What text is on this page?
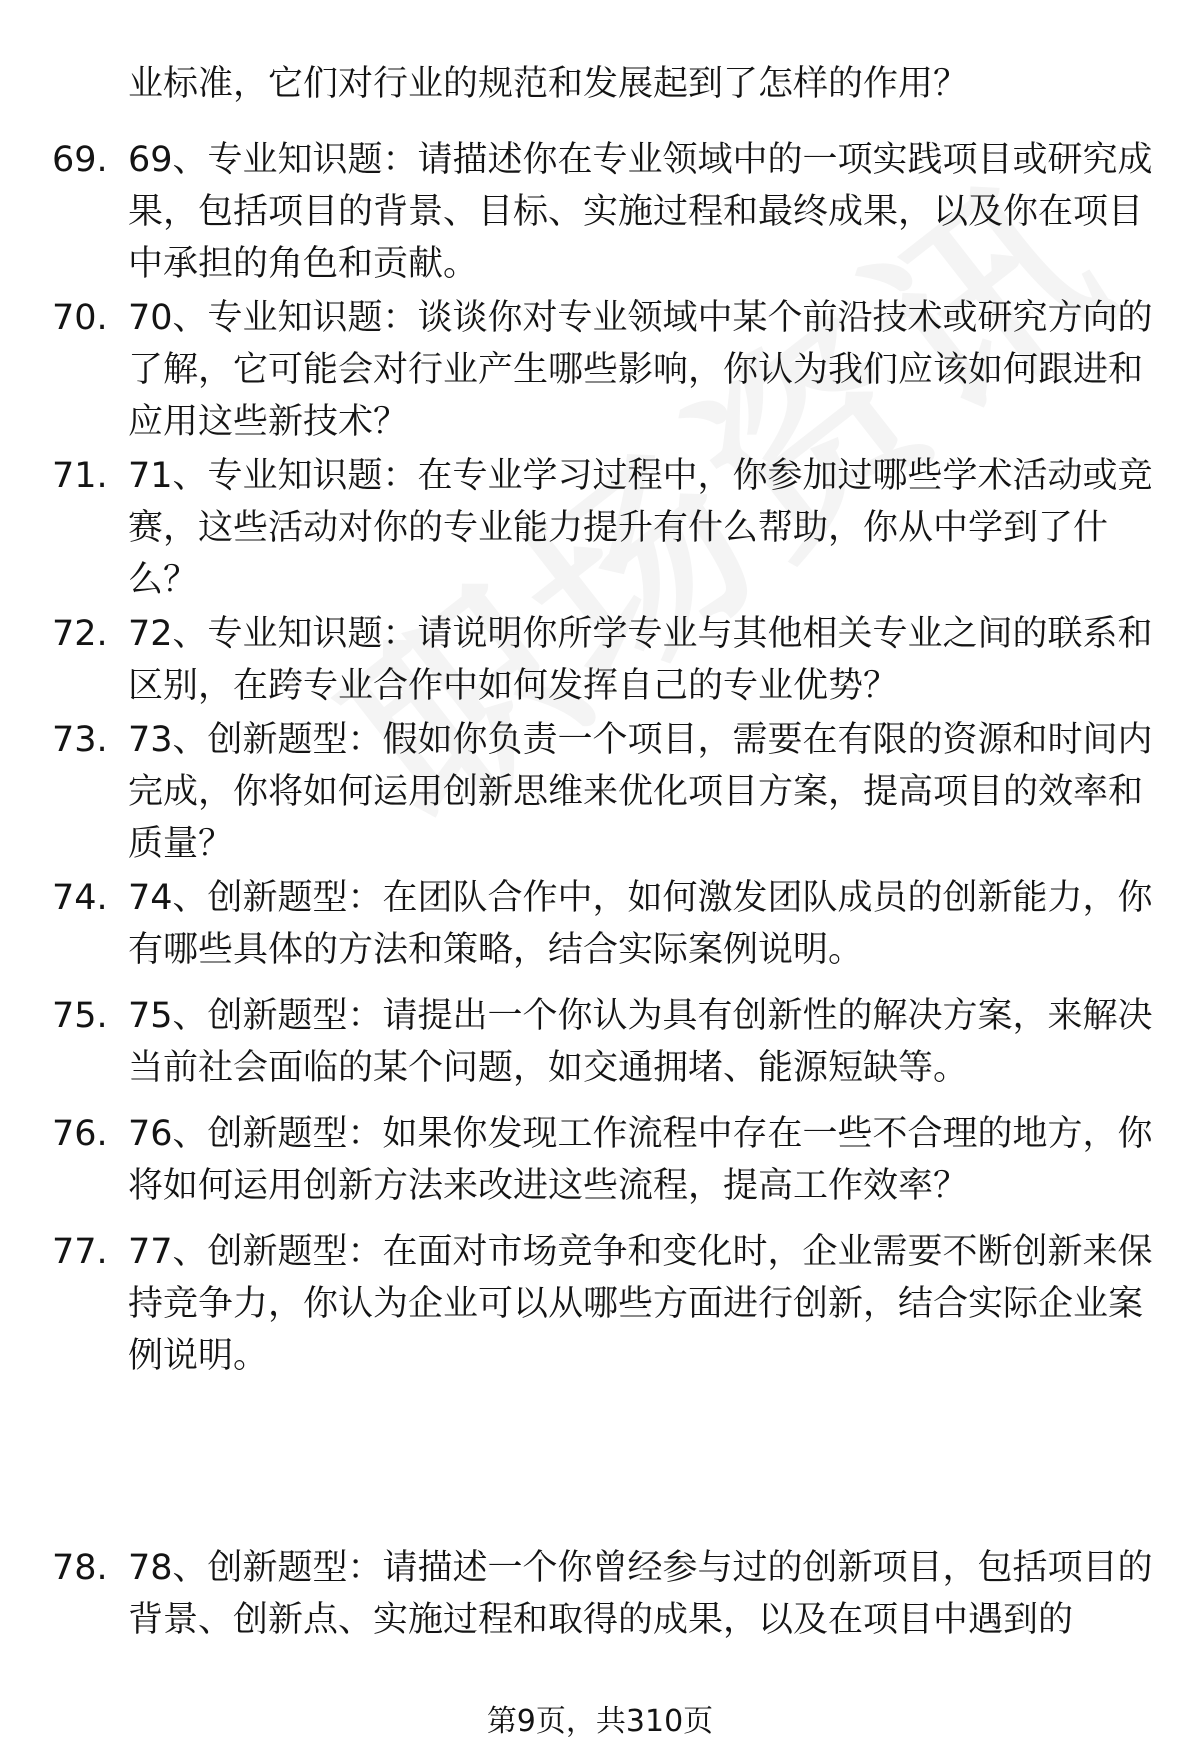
业标准，它们对行业的规范和发展起到了怎样的作用？
69. 69、专业知识题：请描述你在专业领域中的一项实践项目或研究成果，包括项目的背景、目标、实施过程和最终成果，以及你在项目中承担的角色和贡献。
70. 70、专业知识题：谈谈你对专业领域中某个前沿技术或研究方向的了解，它可能会对行业产生哪些影响，你认为我们应该如何跟进和应用这些新技术？
71. 71、专业知识题：在专业学习过程中，你参加过哪些学术活动或竞赛，这些活动对你的专业能力提升有什么帮助，你从中学到了什么？
72. 72、专业知识题：请说明你所学专业与其他相关专业之间的联系和区别，在跨专业合作中如何发挥自己的专业优势？
73. 73、创新题型：假如你负责一个项目，需要在有限的资源和时间内完成，你将如何运用创新思维来优化项目方案，提高项目的效率和质量？
74. 74、创新题型：在团队合作中，如何激发团队成员的创新能力，你有哪些具体的方法和策略，结合实际案例说明。
75. 75、创新题型：请提出一个你认为具有创新性的解决方案，来解决当前社会面临的某个问题，如交通拥堵、能源短缺等。
76. 76、创新题型：如果你发现工作流程中存在一些不合理的地方，你将如何运用创新方法来改进这些流程，提高工作效率？
77. 77、创新题型：在面对市场竞争和变化时，企业需要不断创新来保持竞争力，你认为企业可以从哪些方面进行创新，结合实际企业案例说明。
78. 78、创新题型：请描述一个你曾经参与过的创新项目，包括项目的背景、创新点、实施过程和取得的成果，以及在项目中遇到的
第9页，共310页
